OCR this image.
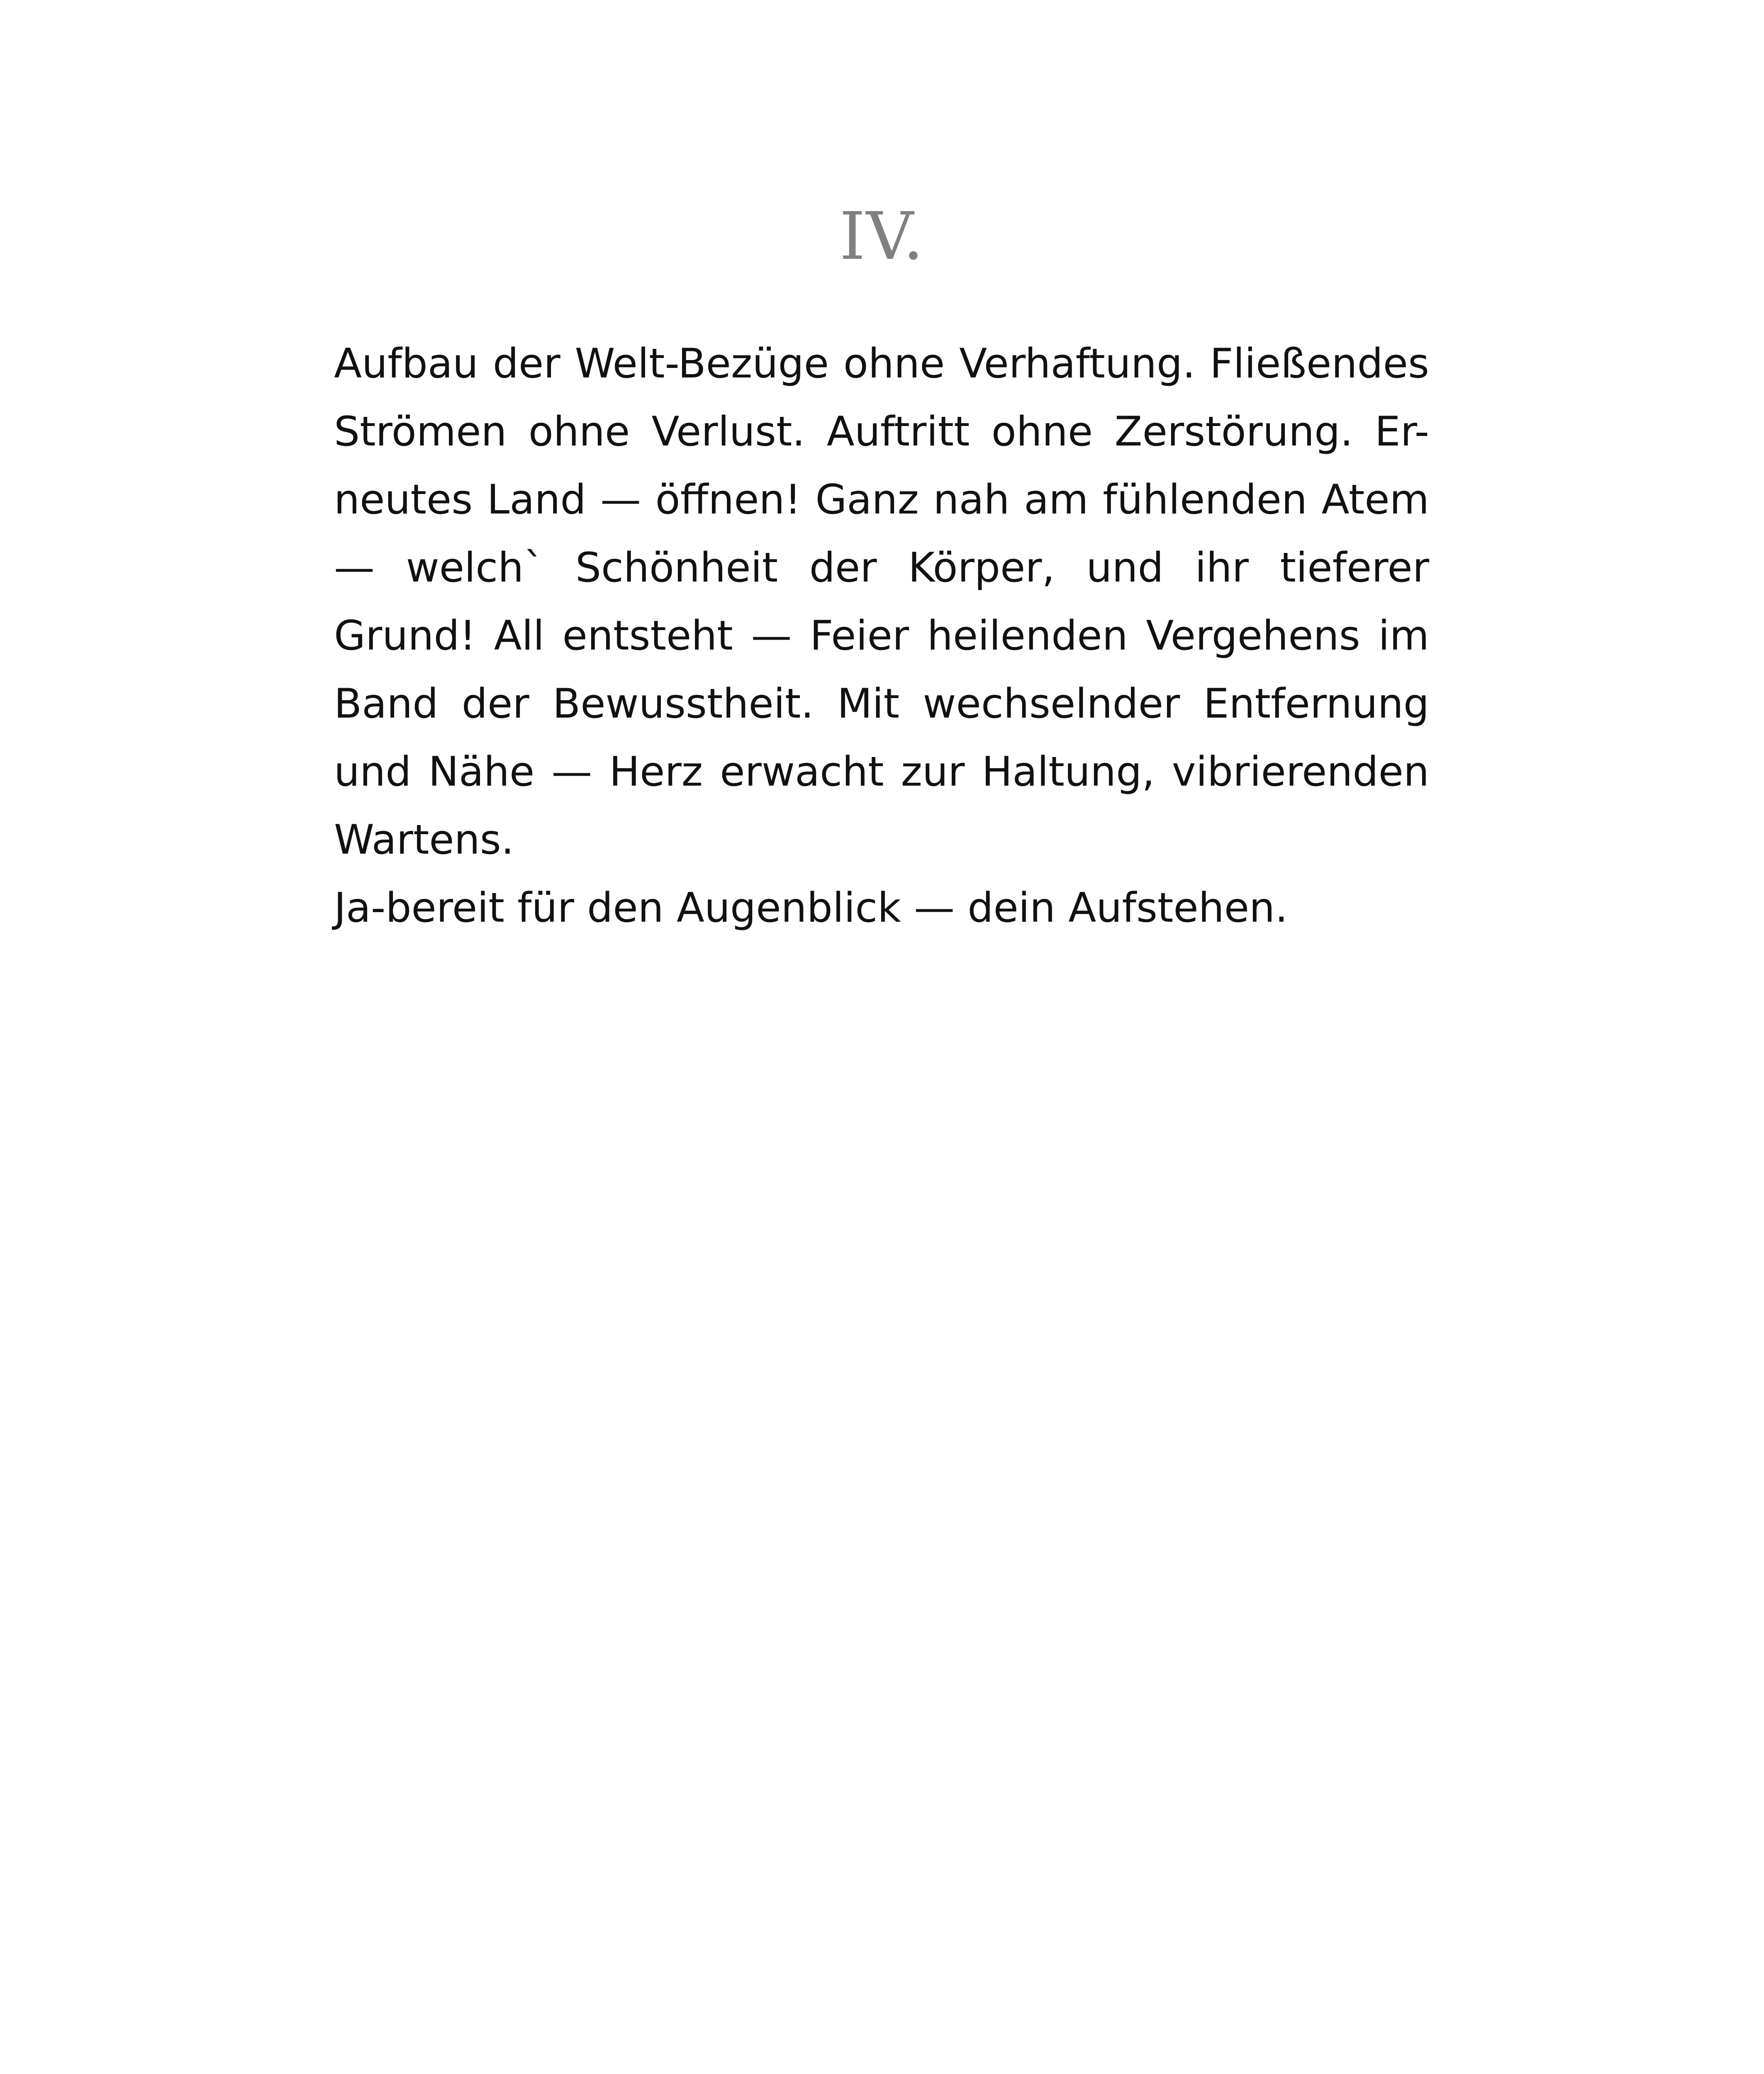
IV.
Aufbau der Welt-Bezüge ohne Verhaftung. Fließendes
Strömen ohne Verlust. Auftritt ohne Zerstörung. Er-
neutes Land — öffnen! Ganz nah am fühlenden Atem
— welch` Schönheit der Körper, und ihr tieferer
Grund! All entsteht — Feier heilenden Vergehens im
Band der Bewusstheit. Mit wechselnder Entfernung
und Nähe — Herz erwacht zur Haltung, vibrierenden
Wartens.
Ja-bereit für den Augenblick — dein Aufstehen.
